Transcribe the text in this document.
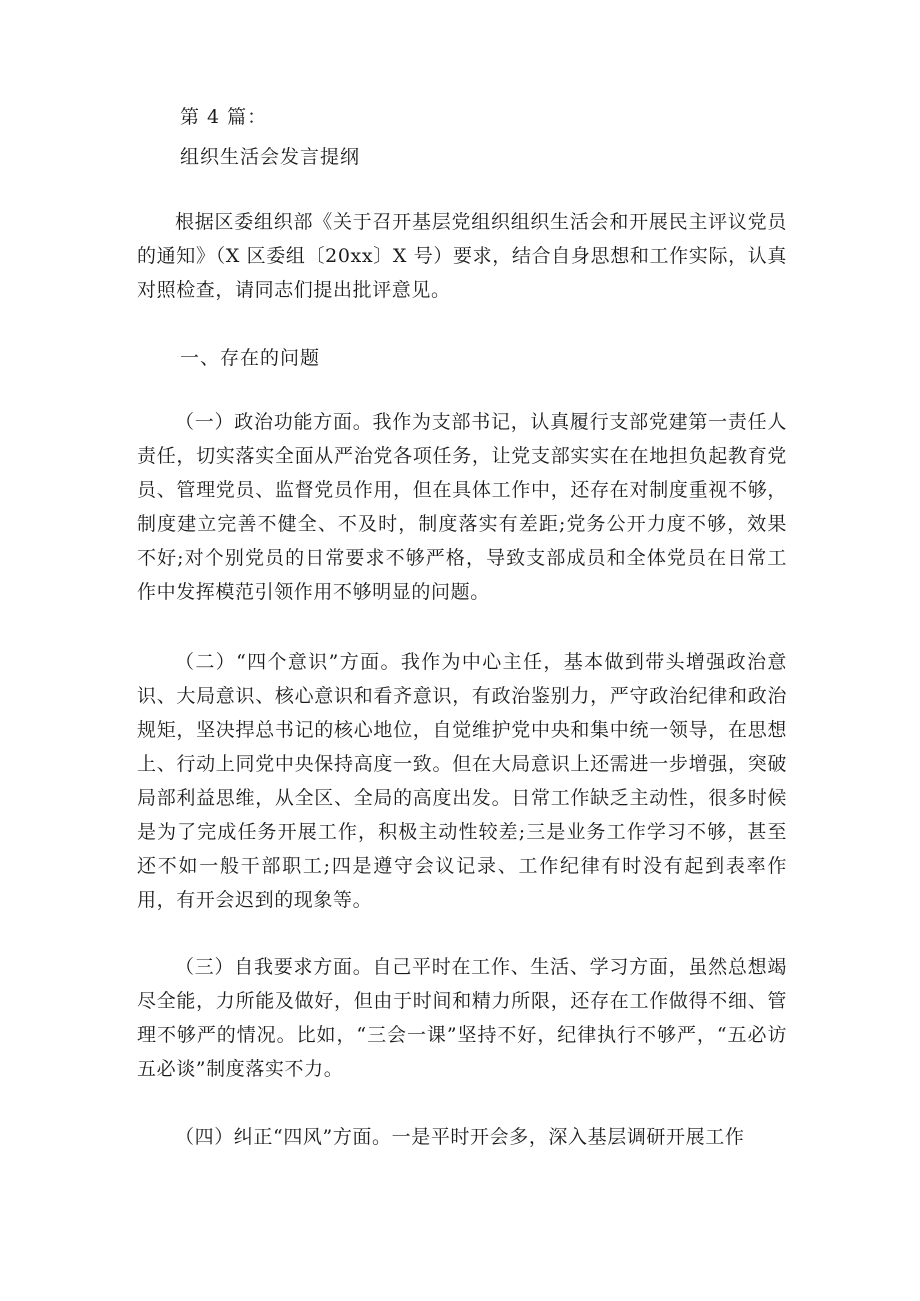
第 4 篇：
组织生活会发言提纲

根据区委组织部《关于召开基层党组织组织生活会和开展民主评议党员的通知》（X 区委组〔20xx〕X 号）要求，结合自身思想和工作实际，认真对照检查，请同志们提出批评意见。

一、存在的问题

（一）政治功能方面。我作为支部书记，认真履行支部党建第一责任人责任，切实落实全面从严治党各项任务，让党支部实实在在地担负起教育党员、管理党员、监督党员作用，但在具体工作中，还存在对制度重视不够，制度建立完善不健全、不及时，制度落实有差距;党务公开力度不够，效果不好;对个别党员的日常要求不够严格，导致支部成员和全体党员在日常工作中发挥模范引领作用不够明显的问题。

（二）“四个意识”方面。我作为中心主任，基本做到带头增强政治意识、大局意识、核心意识和看齐意识，有政治鉴别力，严守政治纪律和政治规矩，坚决捍总书记的核心地位，自觉维护党中央和集中统一领导，在思想上、行动上同党中央保持高度一致。但在大局意识上还需进一步增强，突破局部利益思维，从全区、全局的高度出发。日常工作缺乏主动性，很多时候是为了完成任务开展工作，积极主动性较差;三是业务工作学习不够，甚至还不如一般干部职工;四是遵守会议记录、工作纪律有时没有起到表率作用，有开会迟到的现象等。

（三）自我要求方面。自己平时在工作、生活、学习方面，虽然总想竭尽全能，力所能及做好，但由于时间和精力所限，还存在工作做得不细、管理不够严的情况。比如，“三会一课”坚持不好，纪律执行不够严，“五必访五必谈”制度落实不力。

（四）纠正“四风”方面。一是平时开会多，深入基层调研开展工作
